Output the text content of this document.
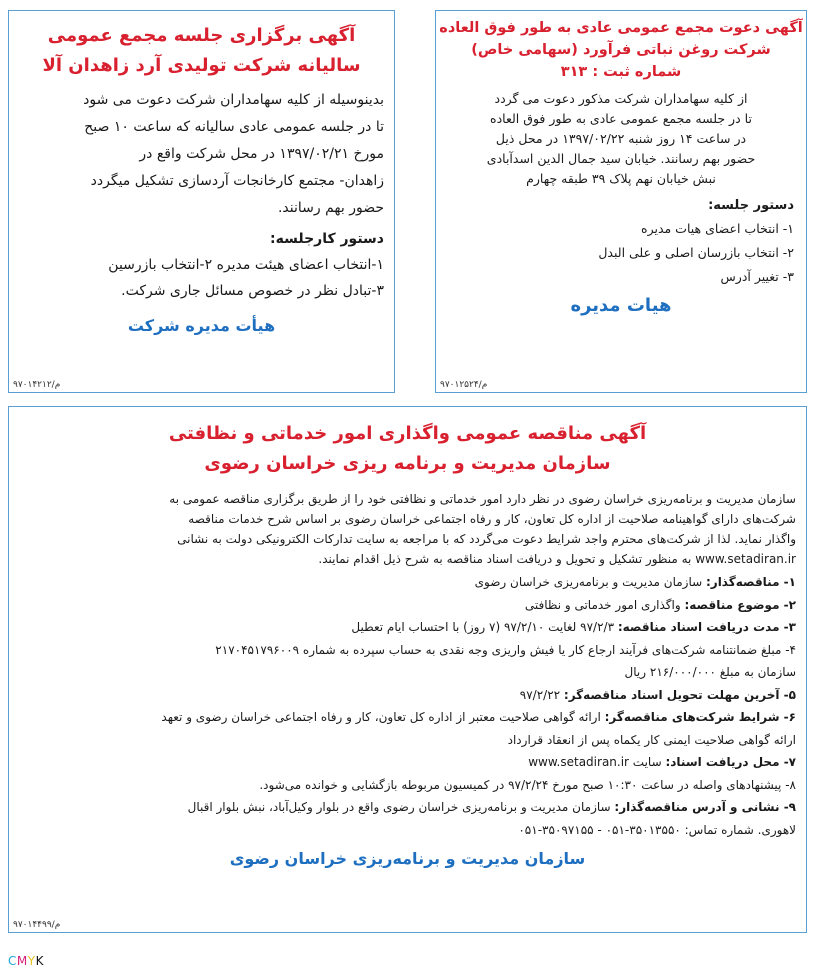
آگهی دعوت مجمع عمومی عادی به طور فوق العاده
شرکت روغن نباتی فرآورد (سهامی خاص)
شماره ثبت : ۳۱۳
از کلیه سهامداران شرکت مذکور دعوت می گردد
تا در جلسه مجمع عمومی عادی به طور فوق العاده
در ساعت ۱۴ روز شنبه ۱۳۹۷/۰۲/۲۲ در محل ذیل
حضور بهم رسانند. خیابان سید جمال الدین اسدآبادی
نبش خیابان نهم پلاک ۳۹ طبقه چهارم
دستور جلسه:
۱- انتخاب اعضای هیات مدیره
۲- انتخاب بازرسان اصلی و علی البدل
۳- تغییر آدرس
هیات مدیره
م/۹۷۰۱۲۵۲۴
آگهی برگزاری جلسه مجمع عمومی
سالیانه شرکت تولیدی آرد زاهدان آلا
بدینوسیله از کلیه سهامداران شرکت دعوت می شود
تا در جلسه عمومی عادی سالیانه که ساعت ۱۰ صبح
مورخ ۱۳۹۷/۰۲/۲۱ در محل شرکت واقع در
زاهدان- مجتمع کارخانجات آردسازی تشکیل میگردد
حضور بهم رسانند.
دستور کارجلسه:
۱-انتخاب اعضای هیئت مدیره ۲-انتخاب بازرسین
۳-تبادل نظر در خصوص مسائل جاری شرکت.
هیأت مدیره شرکت
م/۹۷۰۱۴۲۱۲
آگهی مناقصه عمومی واگذاری امور خدماتی و نظافتی
سازمان مدیریت و برنامه ریزی خراسان رضوی
سازمان مدیریت و برنامه‌ریزی خراسان رضوی در نظر دارد امور خدماتی و نظافتی خود را از طریق برگزاری مناقصه عمومی به
شرکت‌های دارای گواهینامه صلاحیت از اداره کل تعاون، کار و رفاه اجتماعی خراسان رضوی بر اساس شرح خدمات مناقصه
واگذار نماید. لذا از شرکت‌های محترم واجد شرایط دعوت می‌گردد که با مراجعه به سایت تدارکات الکترونیکی دولت به نشانی
www.setadiran.ir به منظور تشکیل و تحویل و دریافت اسناد مناقصه به شرح ذیل اقدام نمایند.
۱- مناقصه‌گذار: سازمان مدیریت و برنامه‌ریزی خراسان رضوی
۲- موضوع مناقصه: واگذاری امور خدماتی و نظافتی
۳- مدت دریافت اسناد مناقصه: ۹۷/۲/۳ لغایت ۹۷/۲/۱۰ (۷ روز) با احتساب ایام تعطیل
۴- مبلغ ضمانتنامه شرکت‌های فرآیند ارجاع کار یا فیش واریزی وجه نقدی به حساب سپرده به شماره ۲۱۷۰۴۵۱۷۹۶۰۰۹
سازمان به مبلغ ۲۱۶/۰۰۰/۰۰۰ ریال
۵- آخرین مهلت تحویل اسناد مناقصه‌گر: ۹۷/۲/۲۲
۶- شرایط شرکت‌های مناقصه‌گر: ارائه گواهی صلاحیت معتبر از اداره کل تعاون، کار و رفاه اجتماعی خراسان رضوی و تعهد
ارائه گواهی صلاحیت ایمنی کار یکماه پس از انعقاد قرارداد
۷- محل دریافت اسناد: سایت www.setadiran.ir
۸- پیشنهادهای واصله در ساعت ۱۰:۳۰ صبح مورخ ۹۷/۲/۲۴ در کمیسیون مربوطه بازگشایی و خوانده می‌شود.
۹- نشانی و آدرس مناقصه‌گذار: سازمان مدیریت و برنامه‌ریزی خراسان رضوی واقع در بلوار وکیل‌آباد، نبش بلوار اقبال
لاهوری. شماره تماس: ۳۵۰۱۳۵۵۰-۰۵۱ - ۳۵۰۹۷۱۵۵-۰۵۱
سازمان مدیریت و برنامه‌ریزی خراسان رضوی
م/۹۷۰۱۴۴۹۹
CMYK
